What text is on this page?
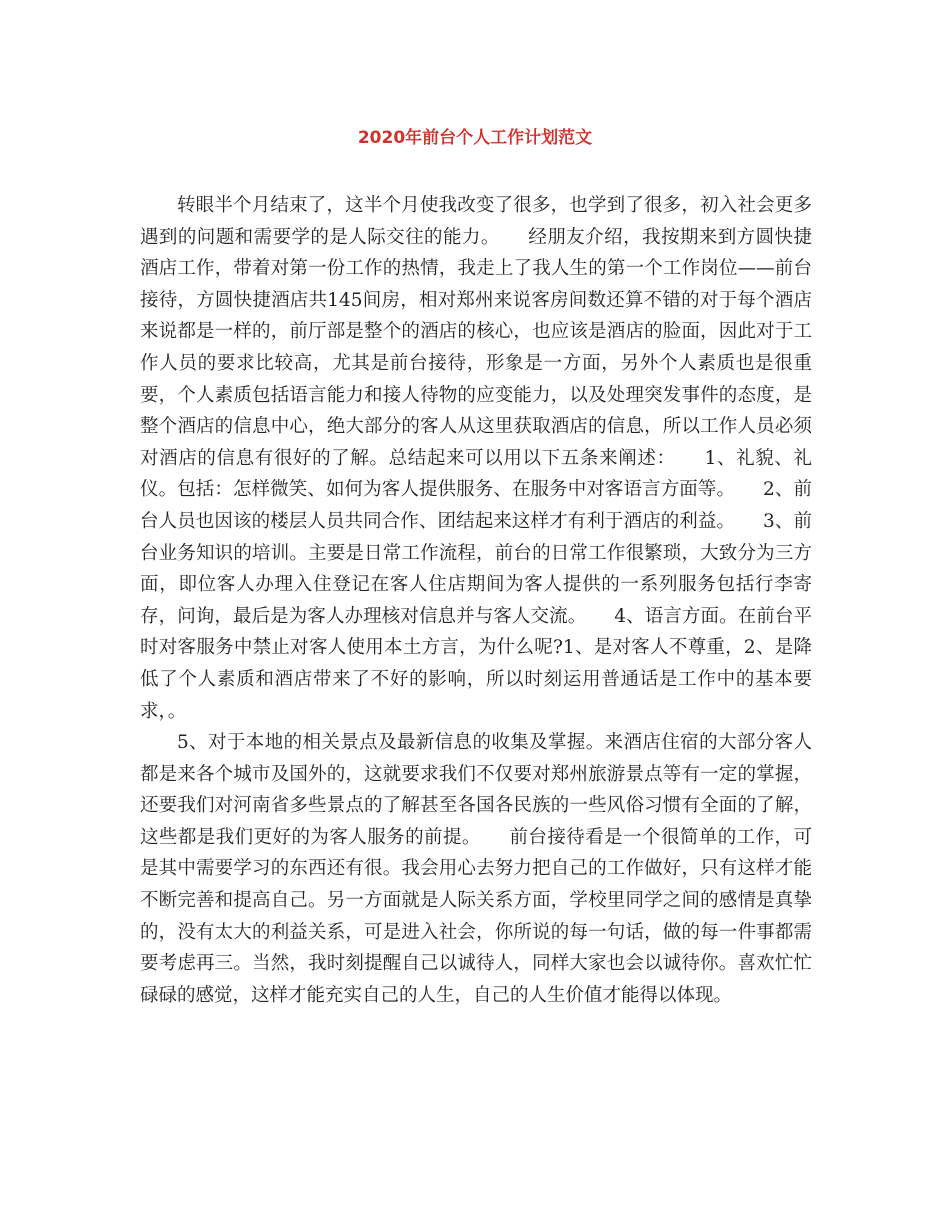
2020年前台个人工作计划范文

转眼半个月结束了，这半个月使我改变了很多，也学到了很多，初入社会更多遇到的问题和需要学的是人际交往的能力。　　经朋友介绍，我按期来到方圆快捷酒店工作，带着对第一份工作的热情，我走上了我人生的第一个工作岗位——前台接待，方圆快捷酒店共145间房，相对郑州来说客房间数还算不错的对于每个酒店来说都是一样的，前厅部是整个的酒店的核心，也应该是酒店的脸面，因此对于工作人员的要求比较高，尤其是前台接待，形象是一方面，另外个人素质也是很重要，个人素质包括语言能力和接人待物的应变能力，以及处理突发事件的态度，是整个酒店的信息中心，绝大部分的客人从这里获取酒店的信息，所以工作人员必须对酒店的信息有很好的了解。总结起来可以用以下五条来阐述：　　1、礼貌、礼仪。包括：怎样微笑、如何为客人提供服务、在服务中对客语言方面等。　　2、前台人员也因该的楼层人员共同合作、团结起来这样才有利于酒店的利益。　　3、前台业务知识的培训。主要是日常工作流程，前台的日常工作很繁琐，大致分为三方面，即位客人办理入住登记在客人住店期间为客人提供的一系列服务包括行李寄存，问询，最后是为客人办理核对信息并与客人交流。　　4、语言方面。在前台平时对客服务中禁止对客人使用本土方言，为什么呢?1、是对客人不尊重，2、是降低了个人素质和酒店带来了不好的影响，所以时刻运用普通话是工作中的基本要求，。

5、对于本地的相关景点及最新信息的收集及掌握。来酒店住宿的大部分客人都是来各个城市及国外的，这就要求我们不仅要对郑州旅游景点等有一定的掌握，还要我们对河南省多些景点的了解甚至各国各民族的一些风俗习惯有全面的了解，这些都是我们更好的为客人服务的前提。　　前台接待看是一个很简单的工作，可是其中需要学习的东西还有很。我会用心去努力把自己的工作做好，只有这样才能不断完善和提高自己。另一方面就是人际关系方面，学校里同学之间的感情是真挚的，没有太大的利益关系，可是进入社会，你所说的每一句话，做的每一件事都需要考虑再三。当然，我时刻提醒自己以诚待人，同样大家也会以诚待你。喜欢忙忙碌碌的感觉，这样才能充实自己的人生，自己的人生价值才能得以体现。
